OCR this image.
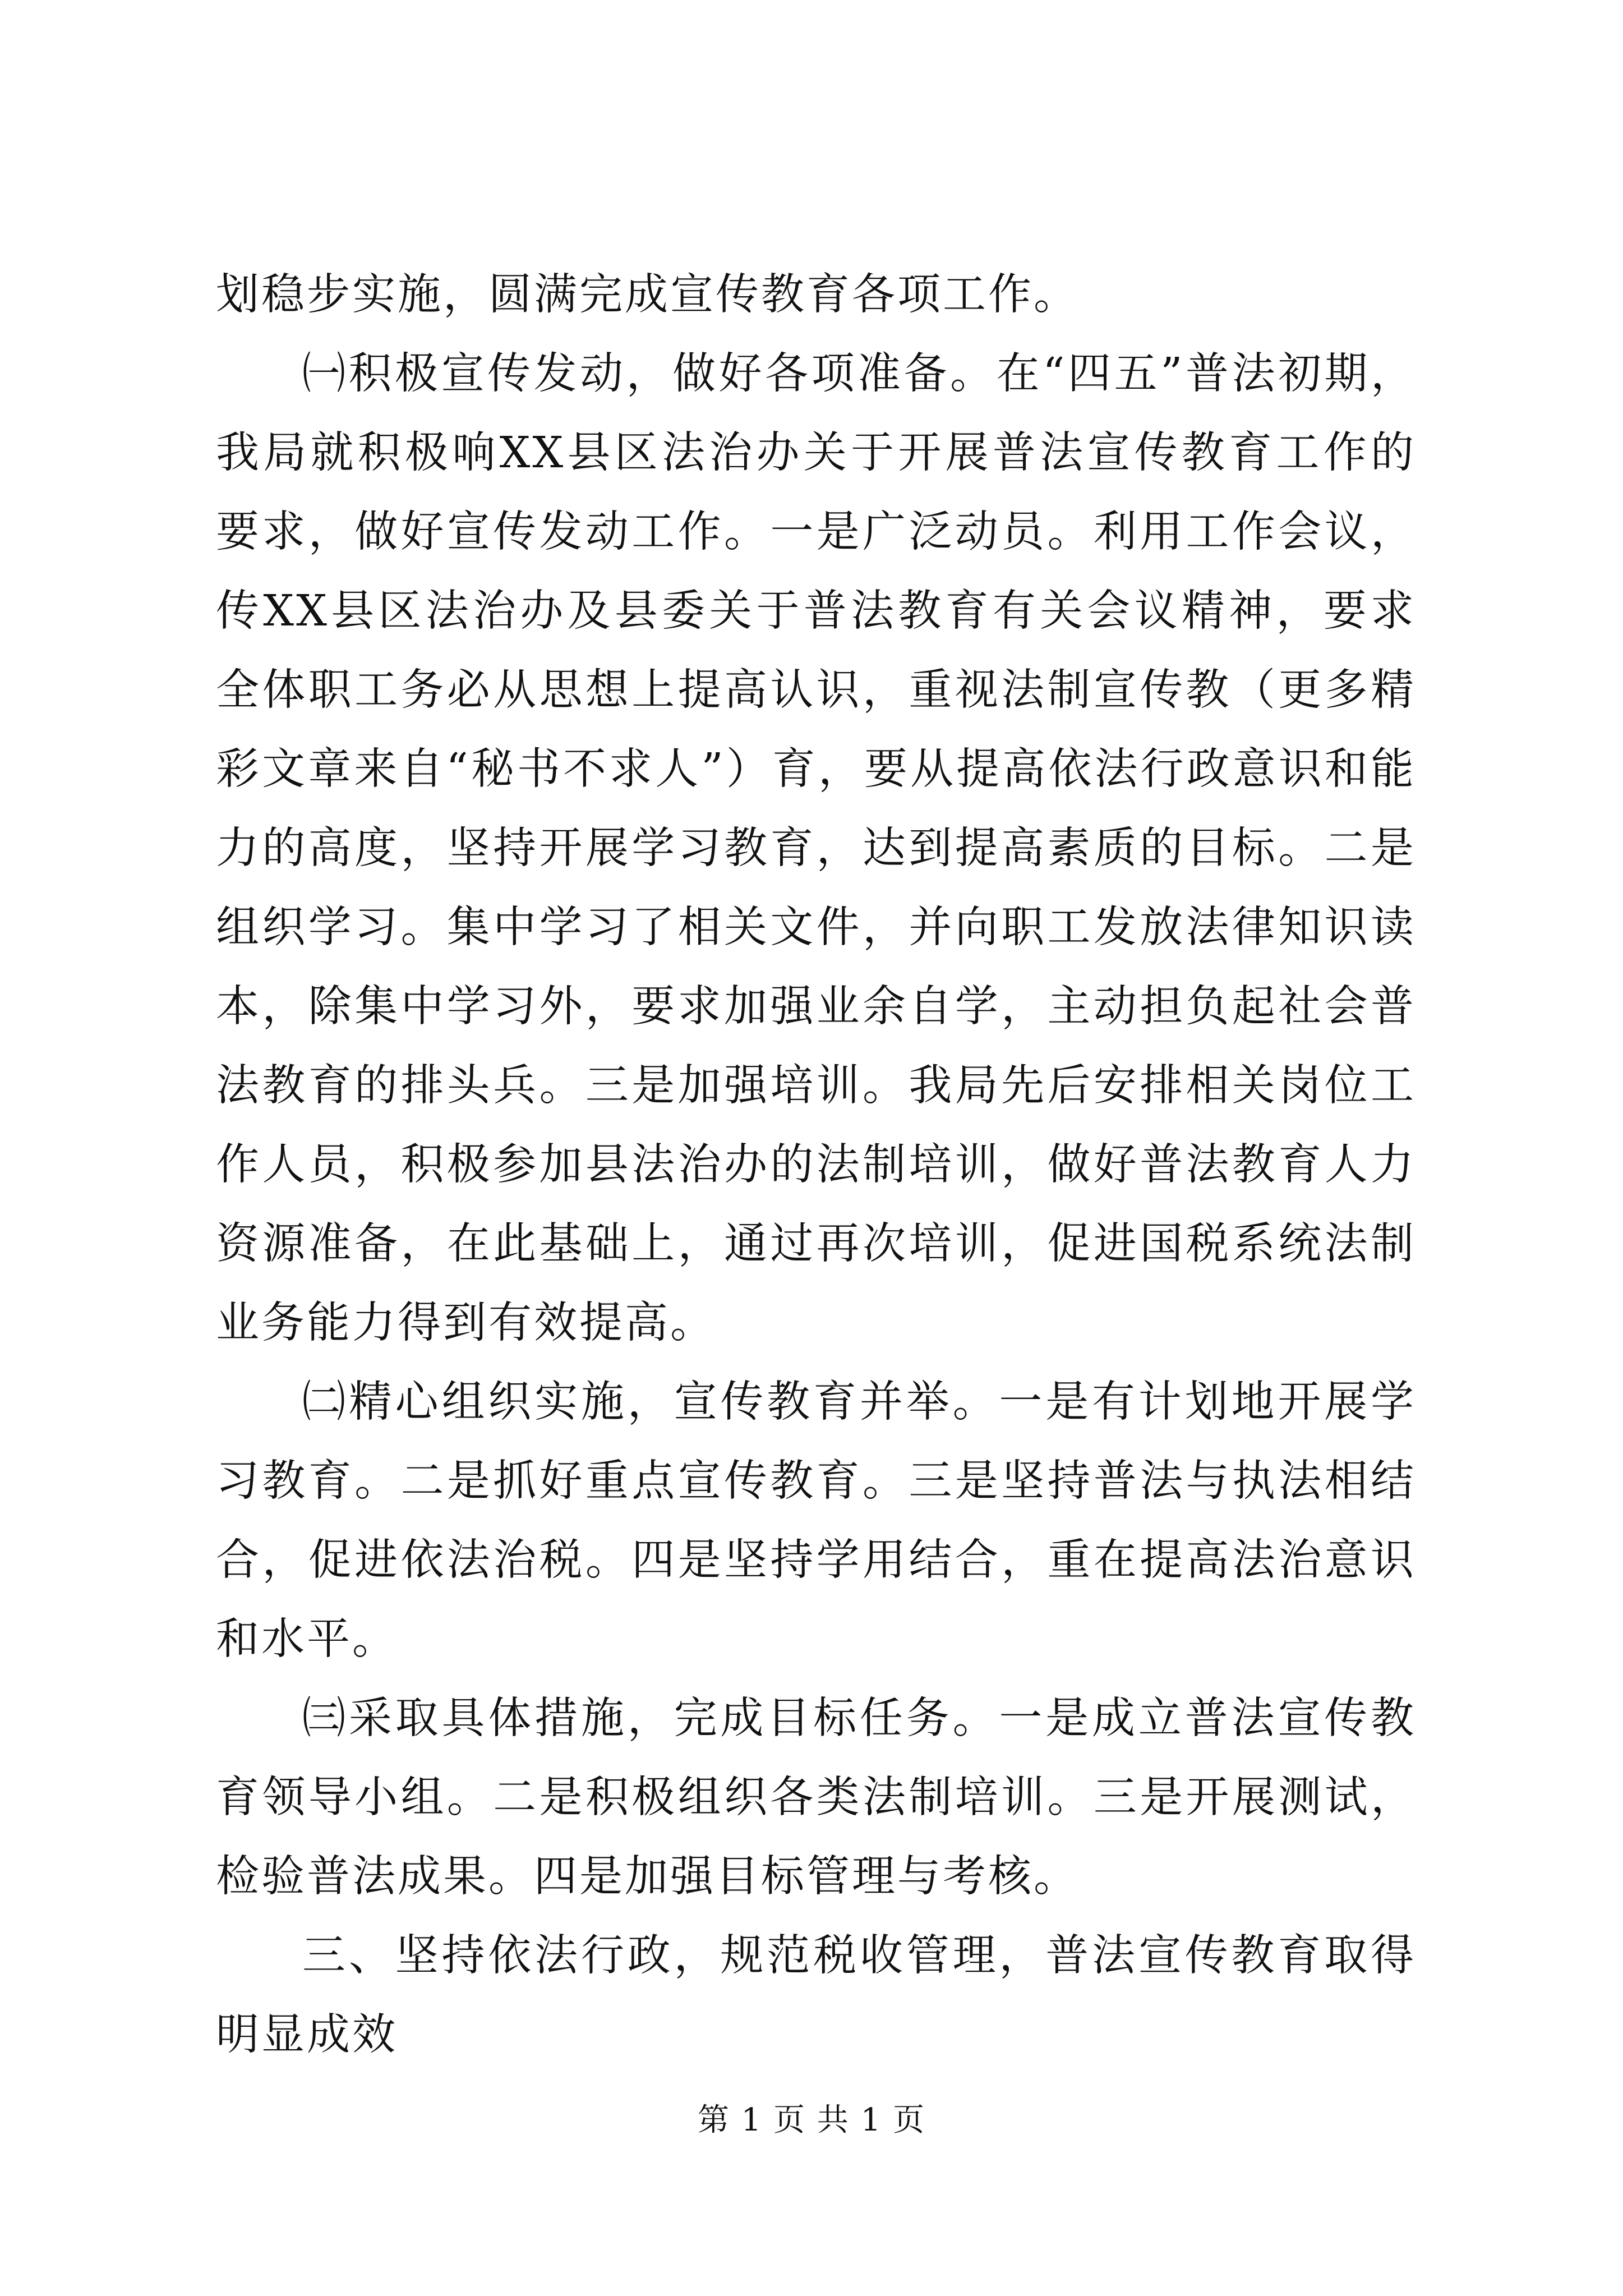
划稳步实施，圆满完成宣传教育各项工作。

㈠积极宣传发动，做好各项准备。在“四五”普法初期，我局就积极响XX县区法治办关于开展普法宣传教育工作的要求，做好宣传发动工作。一是广泛动员。利用工作会议，传XX县区法治办及县委关于普法教育有关会议精神，要求全体职工务必从思想上提高认识，重视法制宣传教（更多精彩文章来自“秘书不求人”）育，要从提高依法行政意识和能力的高度，坚持开展学习教育，达到提高素质的目标。二是组织学习。集中学习了相关文件，并向职工发放法律知识读本，除集中学习外，要求加强业余自学，主动担负起社会普法教育的排头兵。三是加强培训。我局先后安排相关岗位工作人员，积极参加县法治办的法制培训，做好普法教育人力资源准备，在此基础上，通过再次培训，促进国税系统法制业务能力得到有效提高。

㈡精心组织实施，宣传教育并举。一是有计划地开展学习教育。二是抓好重点宣传教育。三是坚持普法与执法相结合，促进依法治税。四是坚持学用结合，重在提高法治意识和水平。

㈢采取具体措施，完成目标任务。一是成立普法宣传教育领导小组。二是积极组织各类法制培训。三是开展测试，检验普法成果。四是加强目标管理与考核。

三、坚持依法行政，规范税收管理，普法宣传教育取得明显成效

第 1 页 共 1 页
